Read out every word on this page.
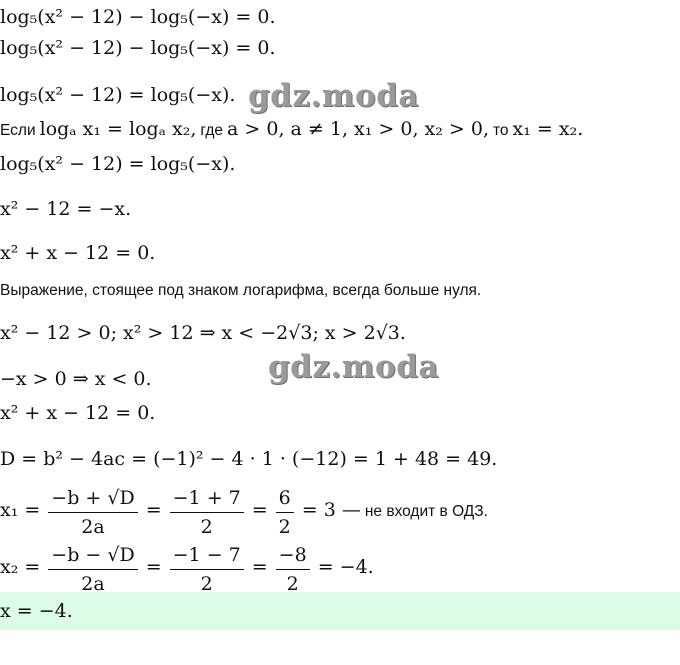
log₅(x² − 12) − log₅(−x) = 0.
log₅(x² − 12) − log₅(−x) = 0.
log₅(x² − 12) = log₅(−x). gdz.moda
Если logₐ x₁ = logₐ x₂, где a > 0, a ≠ 1, x₁ > 0, x₂ > 0, то x₁ = x₂.
log₅(x² − 12) = log₅(−x).
x² − 12 = −x.
x² + x − 12 = 0.
Выражение, стоящее под знаком логарифма, всегда больше нуля.
x² − 12 > 0; x² > 12 ⇒ x < −2√3; x > 2√3.
gdz.moda
−x > 0 ⇒ x < 0.
x² + x − 12 = 0.
D = b² − 4ac = (−1)² − 4 · 1 · (−12) = 1 + 48 = 49.
$x_1 = \frac{-b + √D}{2a} = \frac{-1 + 7}{2} = \frac{6}{2} = 3$ — не входит в ОДЗ.
$x_2 = \frac{-b - √D}{2a} = \frac{-1 - 7}{2} = \frac{-8}{2} = -4$.
x = −4.
